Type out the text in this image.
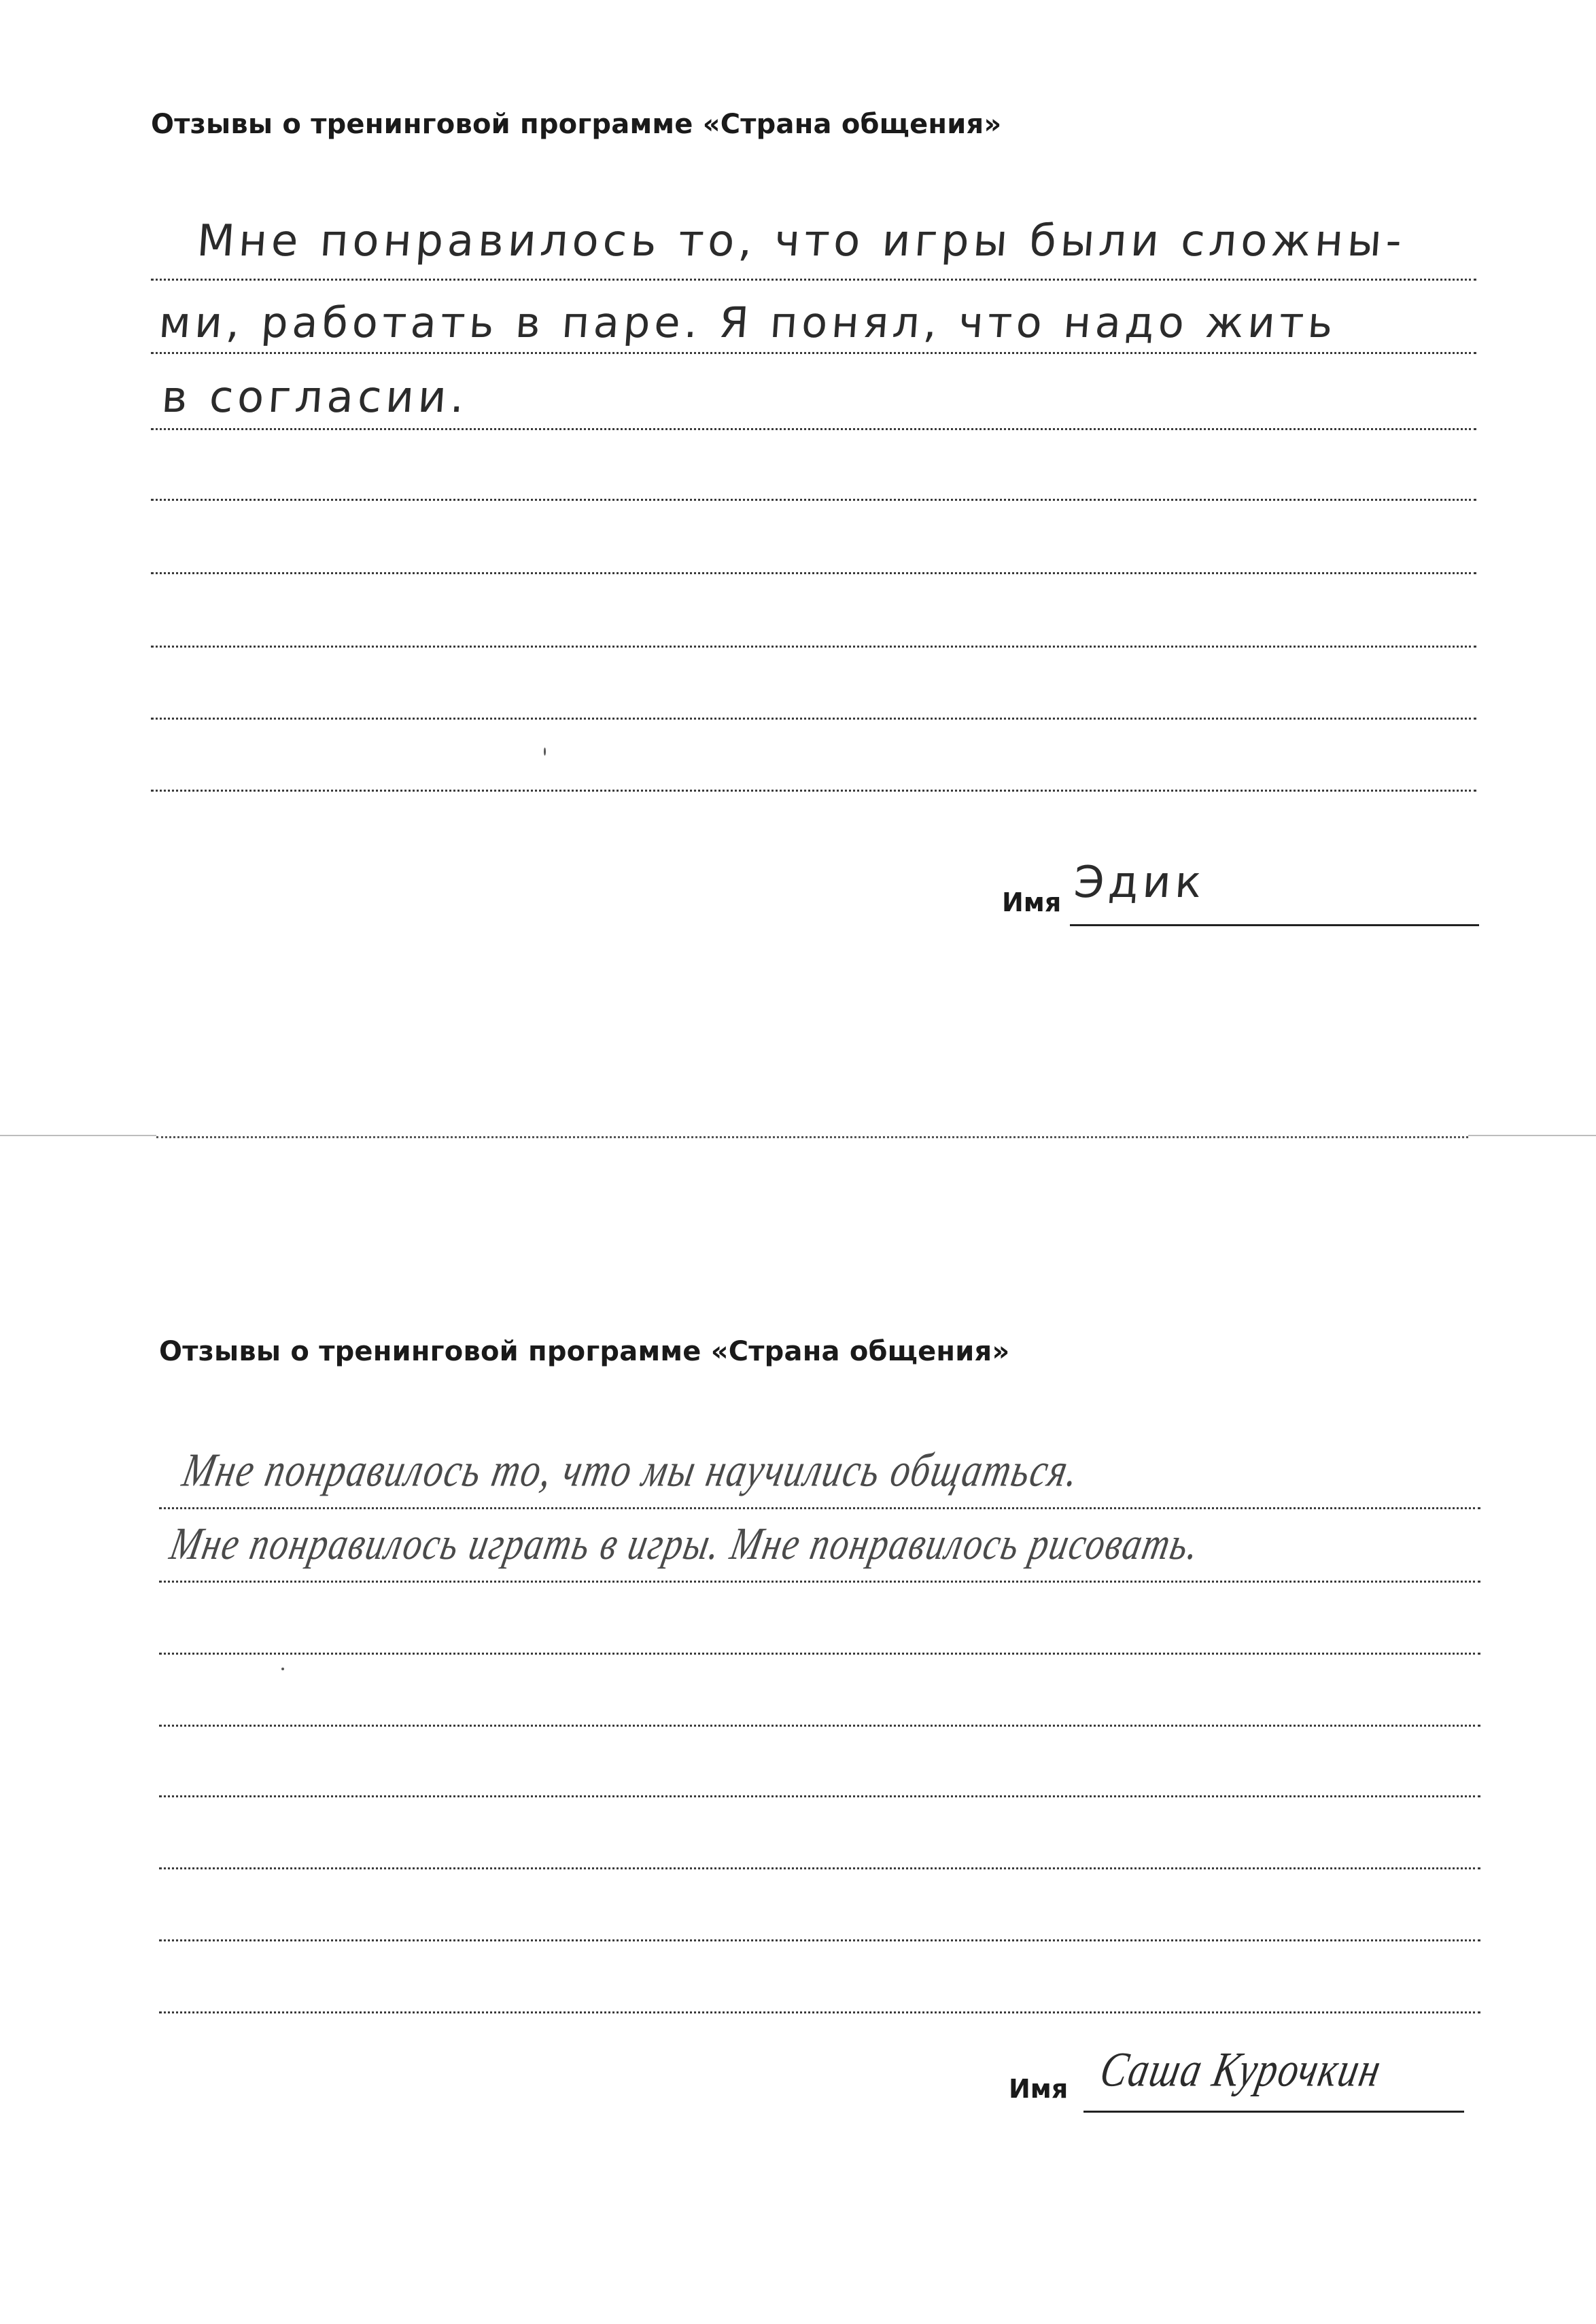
Отзывы о тренинговой программе «Страна общения»
Мне понравилось то, что игры были сложны-
ми, работать в паре. Я понял, что надо жить
в согласии.
Имя Эдик
Отзывы о тренинговой программе «Страна общения»
Мне понравилось то, что мы научились общаться.
Мне понравилось играть в игры. Мне понравилось рисовать.
Имя Саша Курочкин
